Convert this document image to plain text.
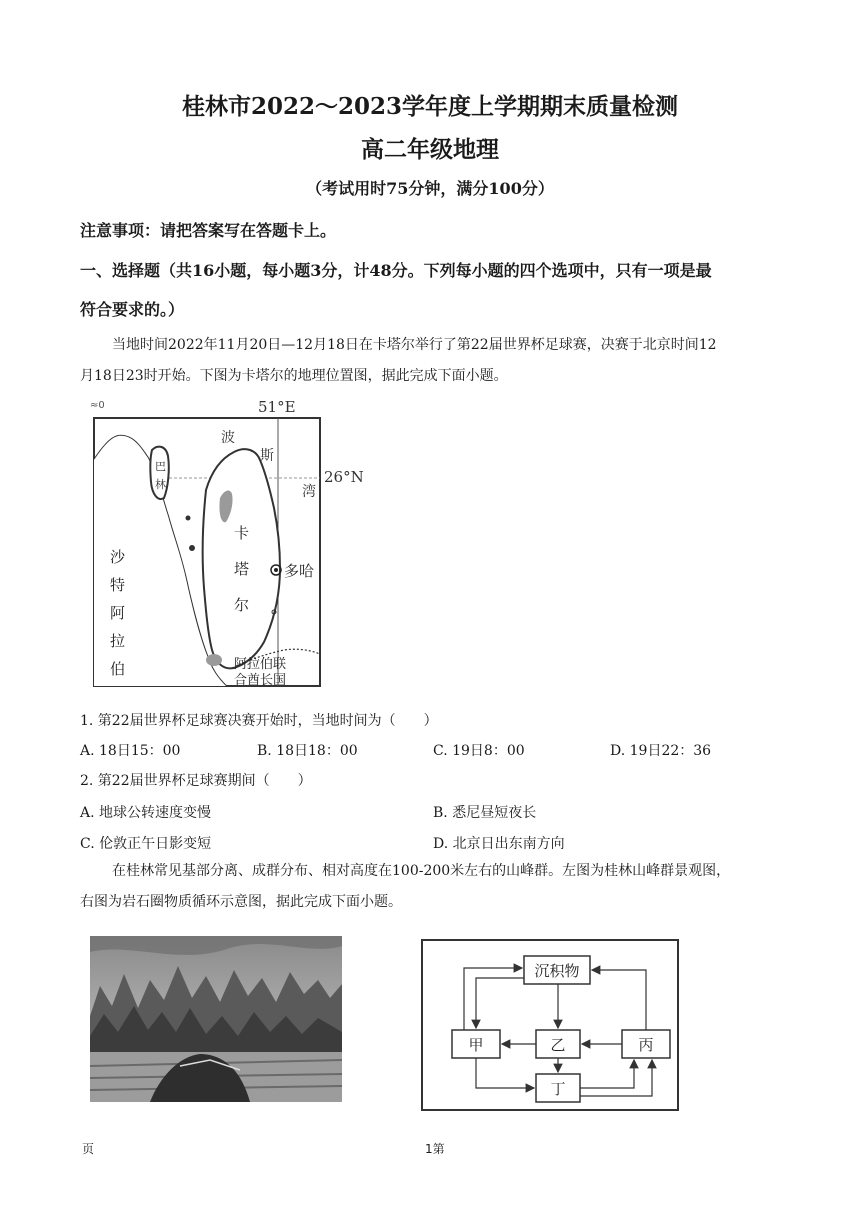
桂林市2022～2023学年度上学期期末质量检测
高二年级地理
（考试用时75分钟，满分100分）
注意事项：请把答案写在答题卡上。
一、选择题（共16小题，每小题3分，计48分。下列每小题的四个选项中，只有一项是最
符合要求的。）
当地时间2022年11月20日—12月18日在卡塔尔举行了第22届世界杯足球赛，决赛于北京时间12
月18日23时开始。下图为卡塔尔的地理位置图，据此完成下面小题。
≈0	51°E
26°N
巴
林
波
斯
湾
卡
塔
尔
多哈
沙
特
阿
拉
伯	阿拉伯联
合酋长国
1. 第22届世界杯足球赛决赛开始时，当地时间为（　　）
A. 18日15：00	B. 18日18：00	C. 19日8：00	D. 19日22：36
2. 第22届世界杯足球赛期间（　　）
A. 地球公转速度变慢	B. 悉尼昼短夜长
C. 伦敦正午日影变短	D. 北京日出东南方向
在桂林常见基部分离、成群分布、相对高度在100-200米左右的山峰群。左图为桂林山峰群景观图，
右图为岩石圈物质循环示意图，据此完成下面小题。
沉积物
甲	乙	丙
丁
页	1第
